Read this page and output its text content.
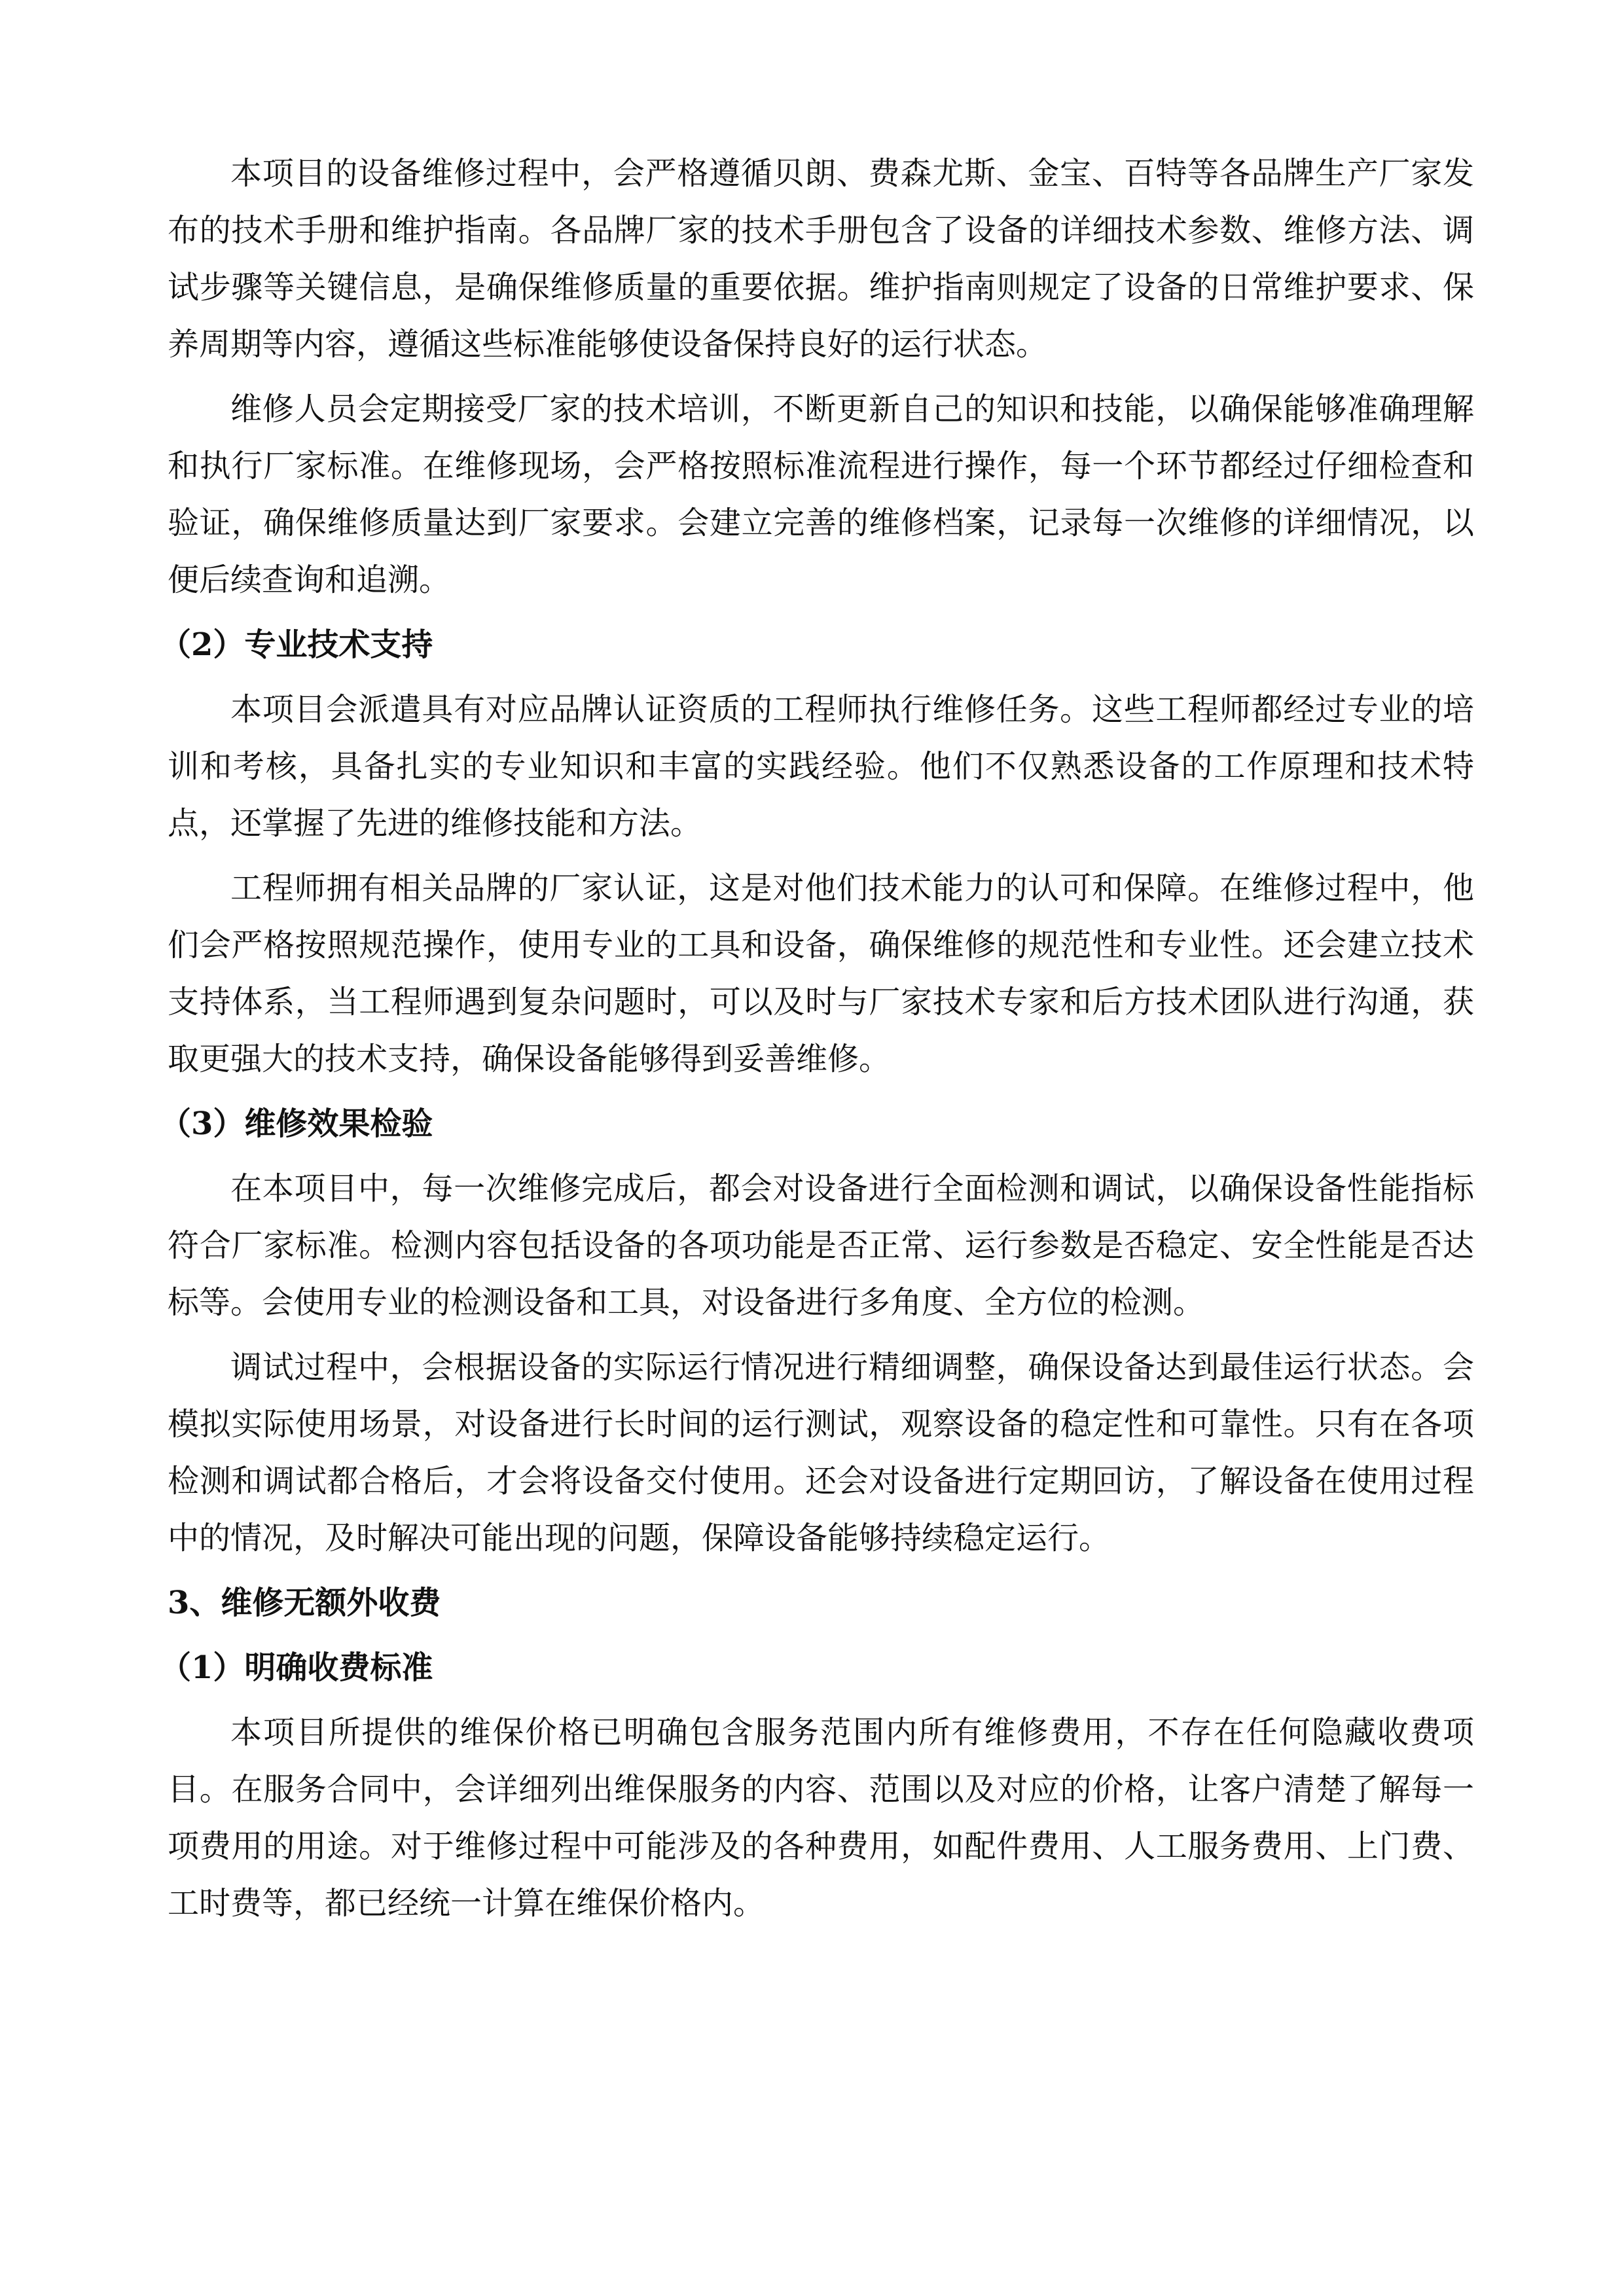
本项目的设备维修过程中，会严格遵循贝朗、费森尤斯、金宝、百特等各品牌生产厂家发布的技术手册和维护指南。各品牌厂家的技术手册包含了设备的详细技术参数、维修方法、调试步骤等关键信息，是确保维修质量的重要依据。维护指南则规定了设备的日常维护要求、保养周期等内容，遵循这些标准能够使设备保持良好的运行状态。

维修人员会定期接受厂家的技术培训，不断更新自己的知识和技能，以确保能够准确理解和执行厂家标准。在维修现场，会严格按照标准流程进行操作，每一个环节都经过仔细检查和验证，确保维修质量达到厂家要求。会建立完善的维修档案，记录每一次维修的详细情况，以便后续查询和追溯。

（2）专业技术支持

本项目会派遣具有对应品牌认证资质的工程师执行维修任务。这些工程师都经过专业的培训和考核，具备扎实的专业知识和丰富的实践经验。他们不仅熟悉设备的工作原理和技术特点，还掌握了先进的维修技能和方法。

工程师拥有相关品牌的厂家认证，这是对他们技术能力的认可和保障。在维修过程中，他们会严格按照规范操作，使用专业的工具和设备，确保维修的规范性和专业性。还会建立技术支持体系，当工程师遇到复杂问题时，可以及时与厂家技术专家和后方技术团队进行沟通，获取更强大的技术支持，确保设备能够得到妥善维修。

（3）维修效果检验

在本项目中，每一次维修完成后，都会对设备进行全面检测和调试，以确保设备性能指标符合厂家标准。检测内容包括设备的各项功能是否正常、运行参数是否稳定、安全性能是否达标等。会使用专业的检测设备和工具，对设备进行多角度、全方位的检测。

调试过程中，会根据设备的实际运行情况进行精细调整，确保设备达到最佳运行状态。会模拟实际使用场景，对设备进行长时间的运行测试，观察设备的稳定性和可靠性。只有在各项检测和调试都合格后，才会将设备交付使用。还会对设备进行定期回访，了解设备在使用过程中的情况，及时解决可能出现的问题，保障设备能够持续稳定运行。

3、维修无额外收费
（1）明确收费标准

本项目所提供的维保价格已明确包含服务范围内所有维修费用，不存在任何隐藏收费项目。在服务合同中，会详细列出维保服务的内容、范围以及对应的价格，让客户清楚了解每一项费用的用途。对于维修过程中可能涉及的各种费用，如配件费用、人工服务费用、上门费、工时费等，都已经统一计算在维保价格内。
